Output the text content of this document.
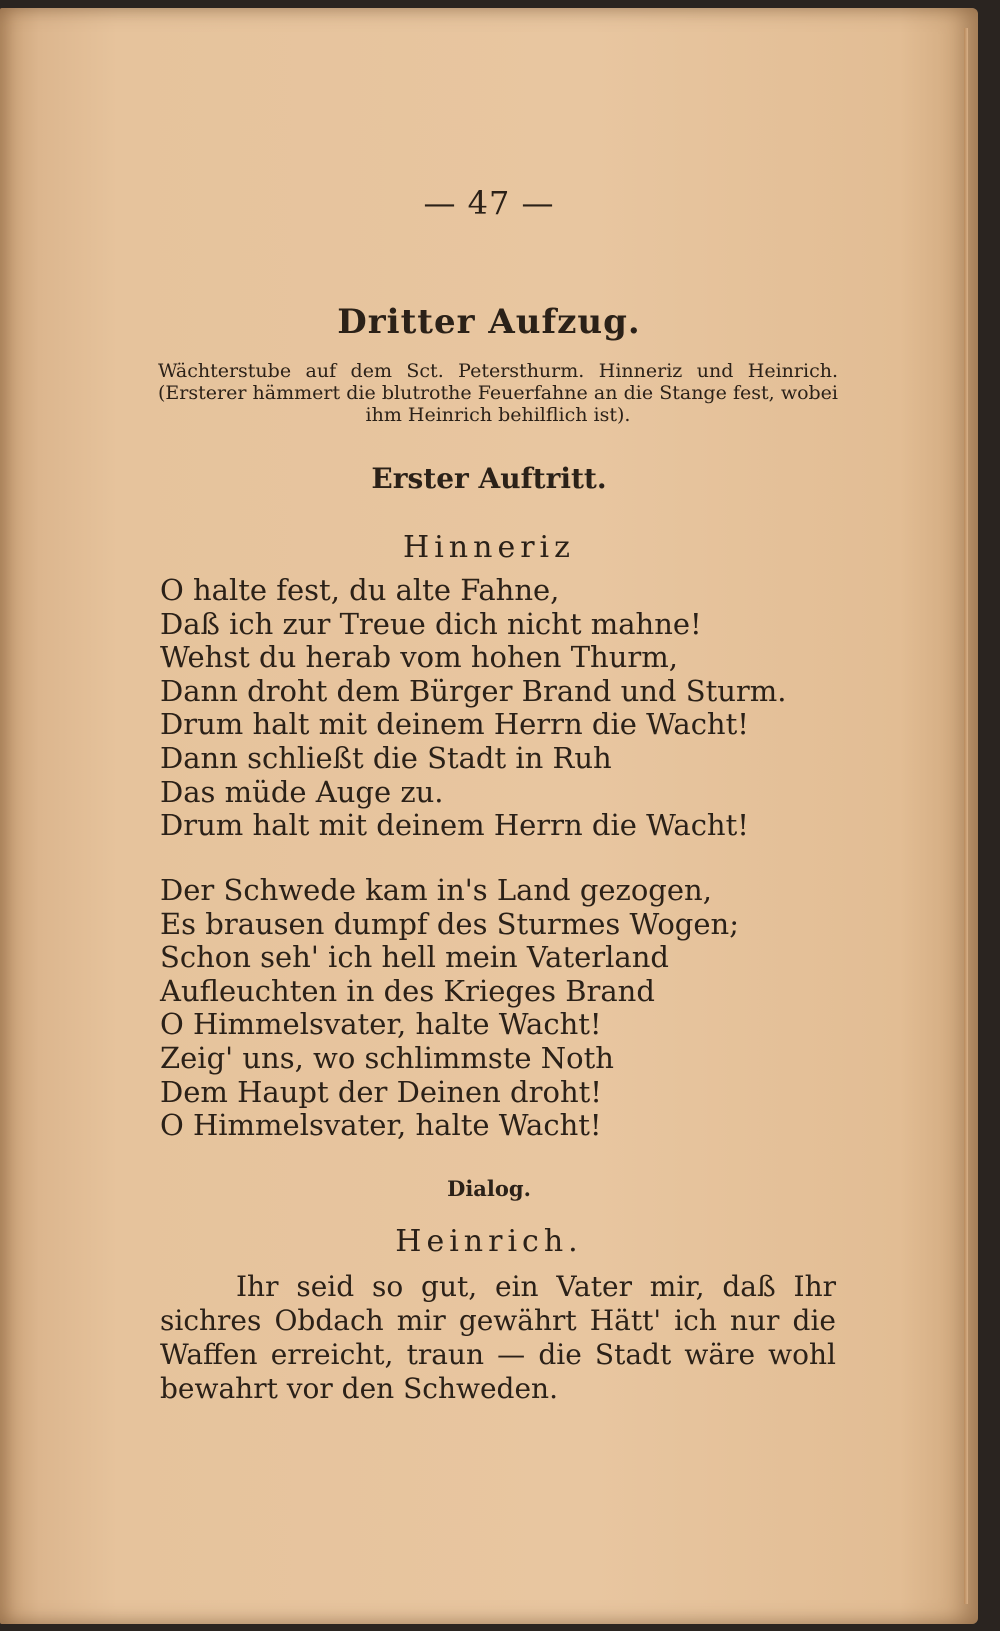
— 47 —
Dritter Aufzug.
Wächterstube auf dem Sct. Petersthurm. Hinneriz und Heinrich. (Ersterer hämmert die blutrothe Feuerfahne an die Stange fest, wobei ihm Heinrich behilflich ist).
Erster Auftritt.
Hinneriz
O halte fest, du alte Fahne,
Daß ich zur Treue dich nicht mahne!
Wehst du herab vom hohen Thurm,
Dann droht dem Bürger Brand und Sturm.
Drum halt mit deinem Herrn die Wacht!
Dann schließt die Stadt in Ruh
Das müde Auge zu.
Drum halt mit deinem Herrn die Wacht!
Der Schwede kam in's Land gezogen,
Es brausen dumpf des Sturmes Wogen;
Schon seh' ich hell mein Vaterland
Aufleuchten in des Krieges Brand
O Himmelsvater, halte Wacht!
Zeig' uns, wo schlimmste Noth
Dem Haupt der Deinen droht!
O Himmelsvater, halte Wacht!
Dialog.
Heinrich.

Ihr seid so gut, ein Vater mir, daß Ihr sichres Obdach mir gewährt Hätt' ich nur die Waffen erreicht, traun — die Stadt wäre wohl bewahrt vor den Schweden.
